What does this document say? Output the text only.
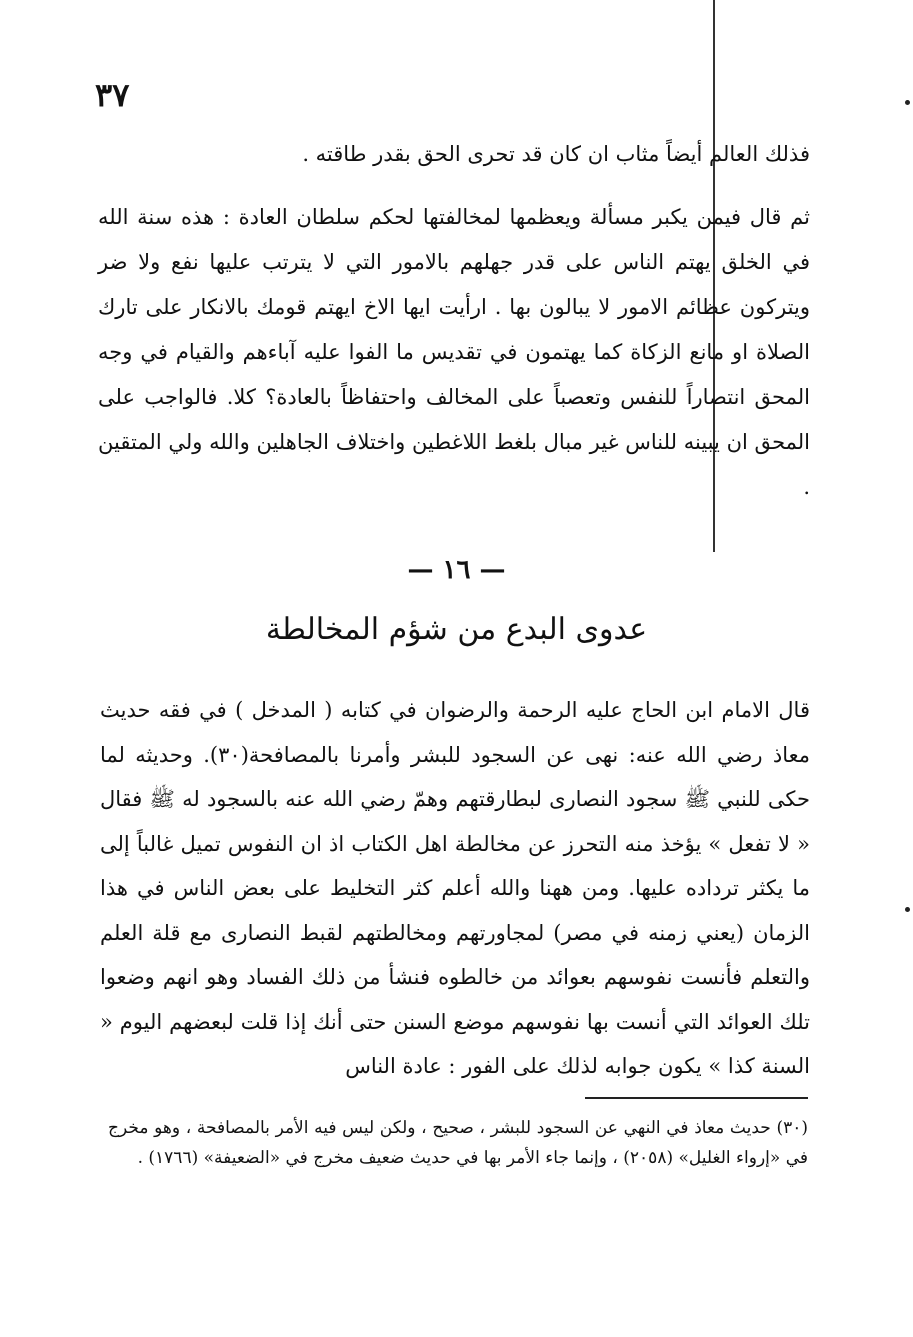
٣٧

فذلك العالم أيضاً مثاب ان كان قد تحرى الحق بقدر طاقته .

ثم قال فيمن يكبر مسألة ويعظمها لمخالفتها لحكم سلطان العادة : هذه سنة الله في الخلق يهتم الناس على قدر جهلهم بالامور التي لا يترتب عليها نفع ولا ضر ويتركون عظائم الامور لا يبالون بها . ارأيت ايها الاخ ايهتم قومك بالانكار على تارك الصلاة او مانع الزكاة كما يهتمون في تقديس ما الفوا عليه آباءهم والقيام في وجه المحق انتصاراً للنفس وتعصباً على المخالف واحتفاظاً بالعادة؟ كلا. فالواجب على المحق ان يبينه للناس غير مبال بلغط اللاغطين واختلاف الجاهلين والله ولي المتقين .

— ١٦ —
عدوى البدع من شؤم المخالطة

قال الامام ابن الحاج عليه الرحمة والرضوان في كتابه ( المدخل ) في فقه حديث معاذ رضي الله عنه: نهى عن السجود للبشر وأمرنا بالمصافحة(٣٠). وحديثه لما حكى للنبي ﷺ سجود النصارى لبطارقتهم وهمّ رضي الله عنه بالسجود له ﷺ فقال « لا تفعل » يؤخذ منه التحرز عن مخالطة اهل الكتاب اذ ان النفوس تميل غالباً إلى ما يكثر ترداده عليها. ومن ههنا والله أعلم كثر التخليط على بعض الناس في هذا الزمان (يعني زمنه في مصر) لمجاورتهم ومخالطتهم لقبط النصارى مع قلة العلم والتعلم فأنست نفوسهم بعوائد من خالطوه فنشأ من ذلك الفساد وهو انهم وضعوا تلك العوائد التي أنست بها نفوسهم موضع السنن حتى أنك إذا قلت لبعضهم اليوم « السنة كذا » يكون جوابه لذلك على الفور : عادة الناس

(٣٠) حديث معاذ في النهي عن السجود للبشر ، صحيح ، ولكن ليس فيه الأمر بالمصافحة ، وهو مخرج في «إرواء الغليل» (٢٠٥٨) ، وإنما جاء الأمر بها في حديث ضعيف مخرج في «الضعيفة» (١٧٦٦) .
